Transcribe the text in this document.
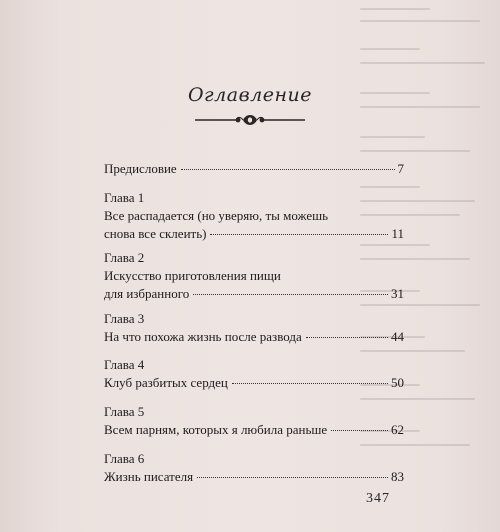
Оглавление
Предисловие	7
Глава 1
Все распадается (но уверяю, ты можешь
снова все склеить)	11
Глава 2
Искусство приготовления пищи
для избранного	31
Глава 3
На что похожа жизнь после развода	44
Глава 4
Клуб разбитых сердец	50
Глава 5
Всем парням, которых я любила раньше	62
Глава 6
Жизнь писателя	83
347
